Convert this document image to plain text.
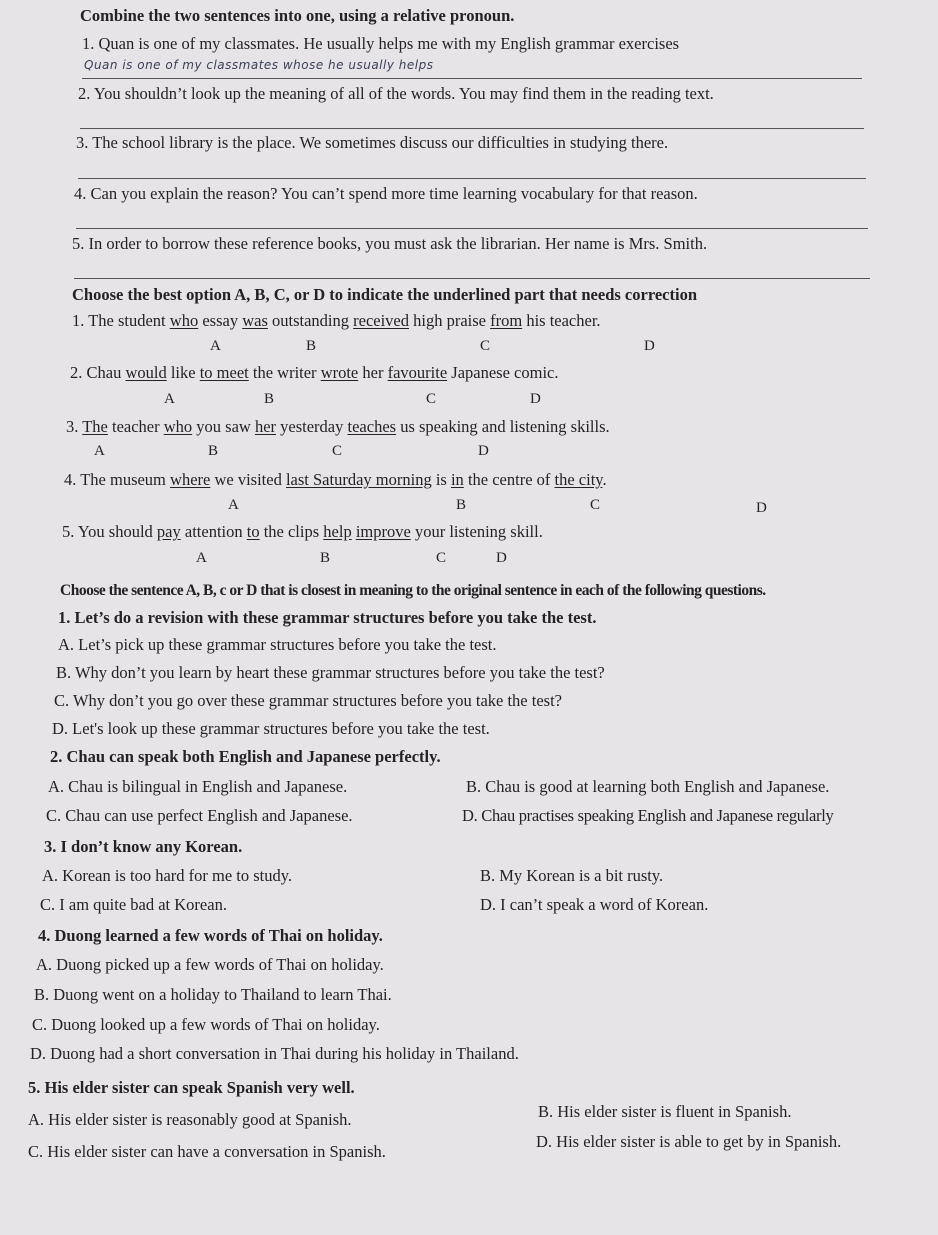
Combine the two sentences into one, using a relative pronoun.
1. Quan is one of my classmates. He usually helps me with my English grammar exercises
Quan is one of my classmates whose he usually helps
2. You shouldn’t look up the meaning of all of the words. You may find them in the reading text.
3. The school library is the place. We sometimes discuss our difficulties in studying there.
4. Can you explain the reason? You can’t spend more time learning vocabulary for that reason.
5. In order to borrow these reference books, you must ask the librarian. Her name is Mrs. Smith.
Choose the best option A, B, C, or D to indicate the underlined part that needs correction
1. The student who essay was outstanding received high praise from his teacher.
A	B	C	D
2. Chau would like to meet the writer wrote her favourite Japanese comic.
A	B	C	D
3. The teacher who you saw her yesterday teaches us speaking and listening skills.
A	B	C	D
4. The museum where we visited last Saturday morning is in the centre of the city.
A	B	C	D
5. You should pay attention to the clips help improve your listening skill.
A	B	C	D
Choose the sentence A, B, c or D that is closest in meaning to the original sentence in each of the following questions.
1. Let’s do a revision with these grammar structures before you take the test.
A. Let’s pick up these grammar structures before you take the test.
B. Why don’t you learn by heart these grammar structures before you take the test?
C. Why don’t you go over these grammar structures before you take the test?
D. Let's look up these grammar structures before you take the test.
2. Chau can speak both English and Japanese perfectly.
A. Chau is bilingual in English and Japanese.	B. Chau is good at learning both English and Japanese.
C. Chau can use perfect English and Japanese.	D. Chau practises speaking English and Japanese regularly
3. I don’t know any Korean.
A. Korean is too hard for me to study.	B. My Korean is a bit rusty.
C. I am quite bad at Korean.	D. I can’t speak a word of Korean.
4. Duong learned a few words of Thai on holiday.
A. Duong picked up a few words of Thai on holiday.
B. Duong went on a holiday to Thailand to learn Thai.
C. Duong looked up a few words of Thai on holiday.
D. Duong had a short conversation in Thai during his holiday in Thailand.
5. His elder sister can speak Spanish very well.
A. His elder sister is reasonably good at Spanish.	B. His elder sister is fluent in Spanish.
C. His elder sister can have a conversation in Spanish.
D. His elder sister is able to get by in Spanish.
